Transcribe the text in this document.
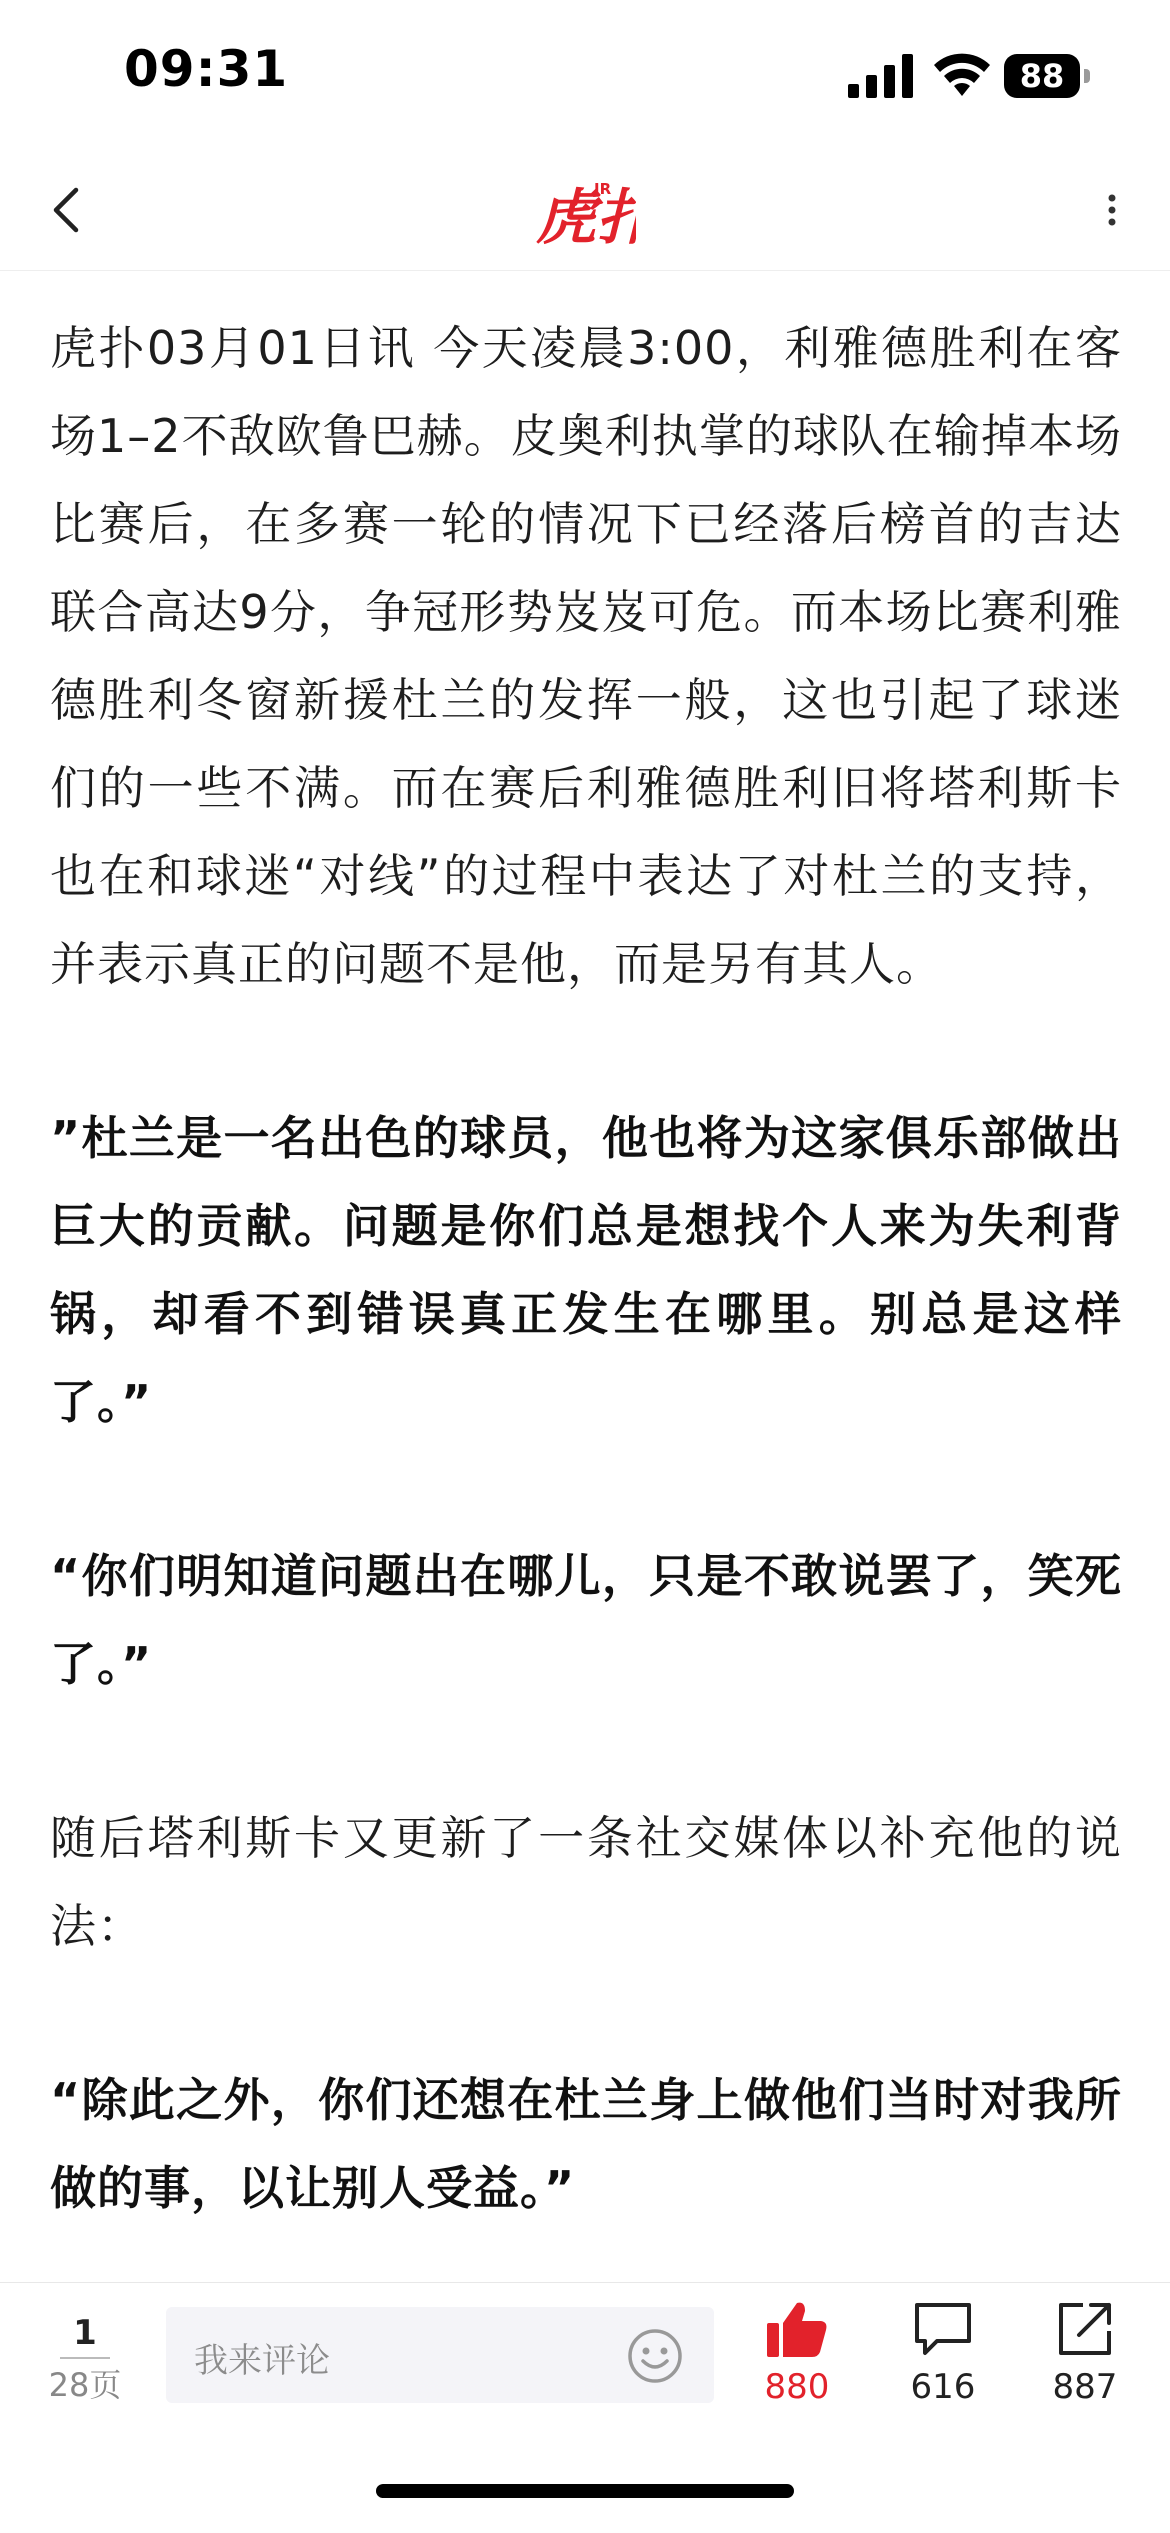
09:31	88
虎
JR

虎扑03月01日讯 今天凌晨3:00，利雅德胜利在客场1–2不敌欧鲁巴赫。皮奥利执掌的球队在输掉本场比赛后，在多赛一轮的情况下已经落后榜首的吉达联合高达9分，争冠形势岌岌可危。而本场比赛利雅德胜利冬窗新援杜兰的发挥一般，这也引起了球迷们的一些不满。而在赛后利雅德胜利旧将塔利斯卡也在和球迷“对线”的过程中表达了对杜兰的支持，并表示真正的问题不是他，而是另有其人。

”杜兰是一名出色的球员，他也将为这家俱乐部做出巨大的贡献。问题是你们总是想找个人来为失利背锅，却看不到错误真正发生在哪里。别总是这样了。”

“你们明知道问题出在哪儿，只是不敢说罢了，笑死了。”

随后塔利斯卡又更新了一条社交媒体以补充他的说法：

“除此之外，你们还想在杜兰身上做他们当时对我所做的事，以让别人受益。”

1
28页
我来评论
880	616	887
